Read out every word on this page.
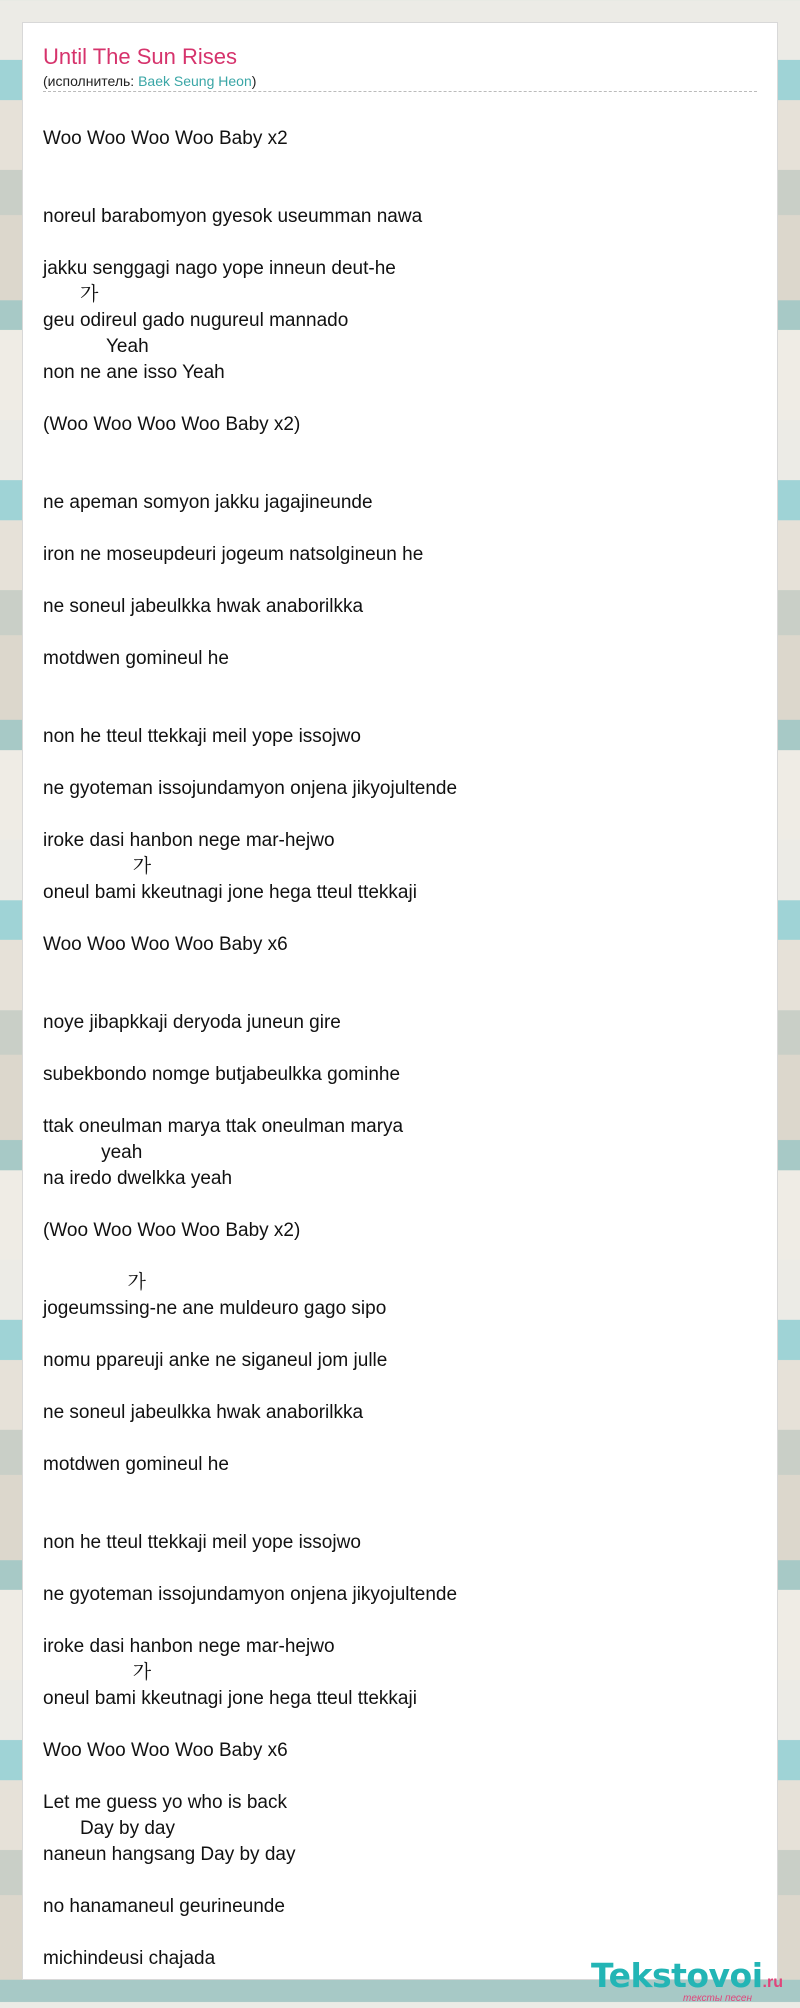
Until The Sun Rises
(исполнитель: Baek Seung Heon)
Woo Woo Woo Woo Baby x2
noreul barabomyon gyesok useumman nawa
jakku senggagi nago yope inneun deut-he
가
geu odireul gado nugureul mannado
Yeah
non ne ane isso Yeah
(Woo Woo Woo Woo Baby x2)
ne apeman somyon jakku jagajineunde
iron ne moseupdeuri jogeum natsolgineun he
ne soneul jabeulkka hwak anaborilkka
motdwen gomineul he
non he tteul ttekkaji meil yope issojwo
ne gyoteman issojundamyon onjena jikyojultende
iroke dasi hanbon nege mar-hejwo
가
oneul bami kkeutnagi jone hega tteul ttekkaji
Woo Woo Woo Woo Baby x6
noye jibapkkaji deryoda juneun gire
subekbondo nomge butjabeulkka gominhe
ttak oneulman marya ttak oneulman marya
yeah
na iredo dwelkka yeah
(Woo Woo Woo Woo Baby x2)
가
jogeumssing-ne ane muldeuro gago sipo
nomu ppareuji anke ne siganeul jom julle
ne soneul jabeulkka hwak anaborilkka
motdwen gomineul he
non he tteul ttekkaji meil yope issojwo
ne gyoteman issojundamyon onjena jikyojultende
iroke dasi hanbon nege mar-hejwo
가
oneul bami kkeutnagi jone hega tteul ttekkaji
Woo Woo Woo Woo Baby x6
Let me guess yo who is back
Day by day
naneun hangsang Day by day
no hanamaneul geurineunde
michindeusi chajada	Tekstovoi.ru
тексты песен
